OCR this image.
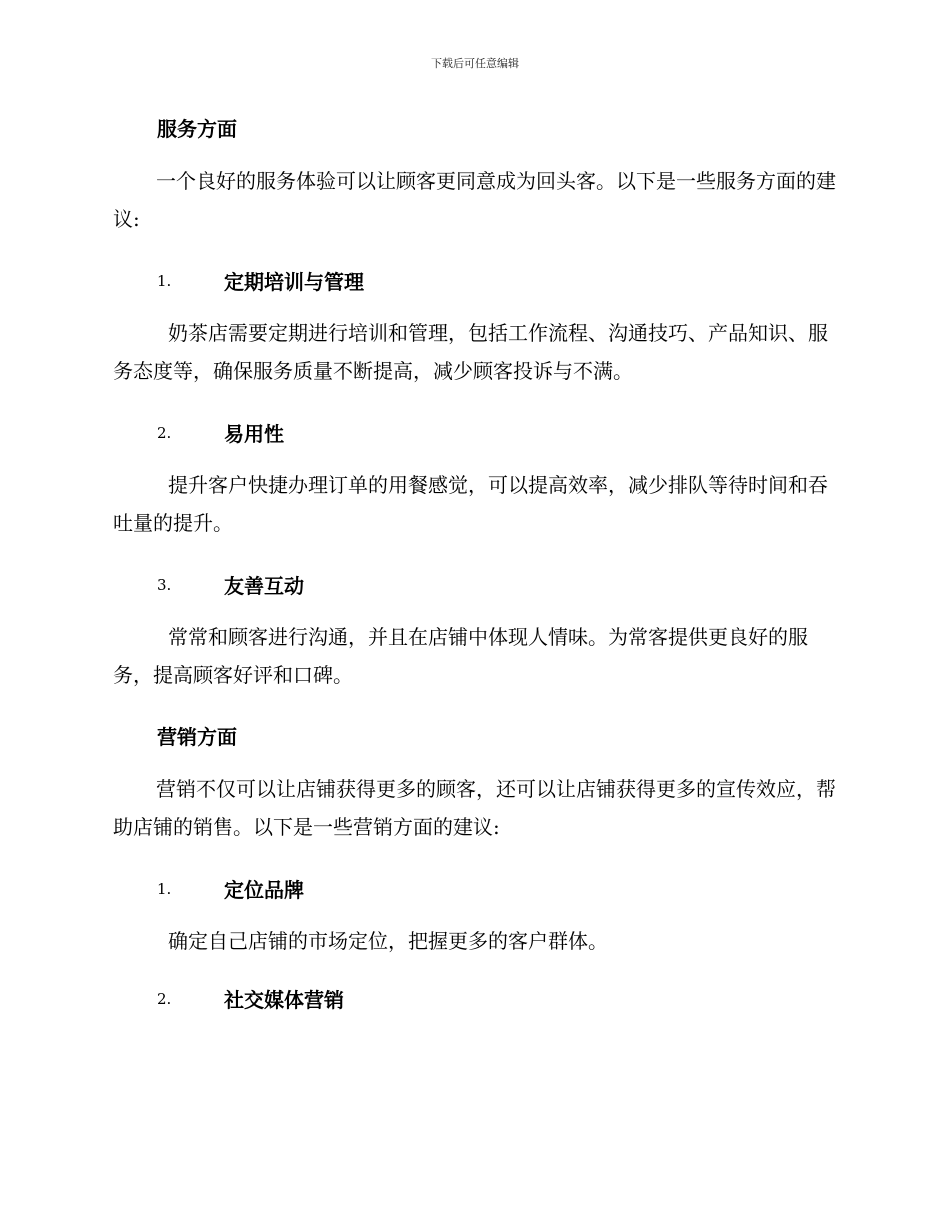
下载后可任意编辑
服务方面
一个良好的服务体验可以让顾客更同意成为回头客。以下是一些服务方面的建议:
1.	定期培训与管理
奶茶店需要定期进行培训和管理，包括工作流程、沟通技巧、产品知识、服务态度等，确保服务质量不断提高，减少顾客投诉与不满。
2.	易用性
提升客户快捷办理订单的用餐感觉，可以提高效率，减少排队等待时间和吞吐量的提升。
3.	友善互动
常常和顾客进行沟通，并且在店铺中体现人情味。为常客提供更良好的服务，提高顾客好评和口碑。
营销方面
营销不仅可以让店铺获得更多的顾客，还可以让店铺获得更多的宣传效应，帮助店铺的销售。以下是一些营销方面的建议:
1.	定位品牌
确定自己店铺的市场定位，把握更多的客户群体。
2.	社交媒体营销
